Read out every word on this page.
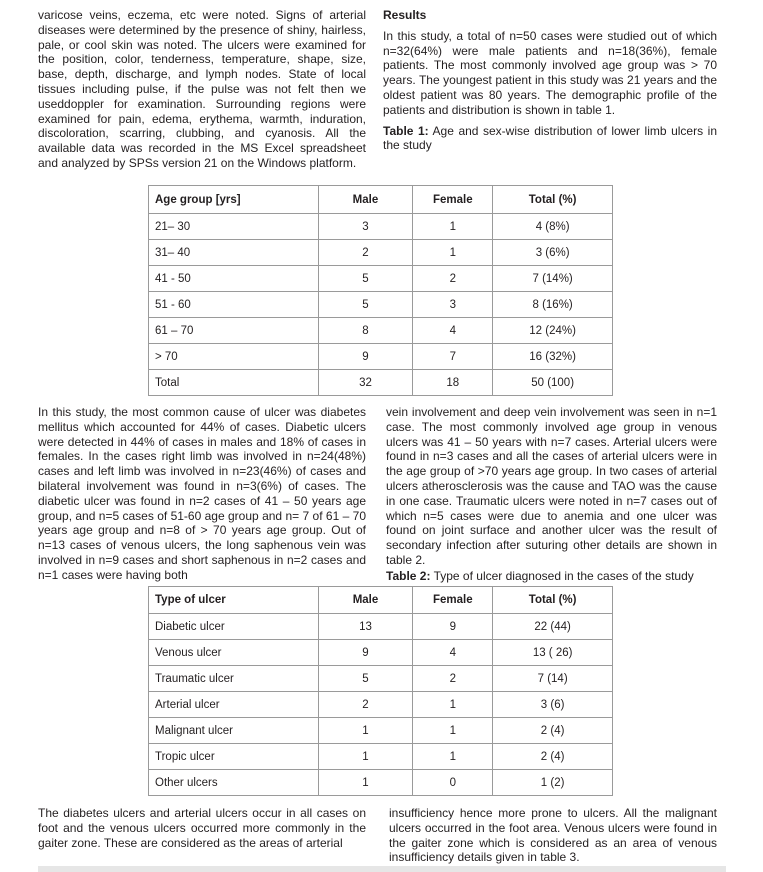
varicose veins, eczema, etc were noted. Signs of arterial diseases were determined by the presence of shiny, hairless, pale, or cool skin was noted. The ulcers were examined for the position, color, tenderness, temperature, shape, size, base, depth, discharge, and lymph nodes. State of local tissues including pulse, if the pulse was not felt then we useddoppler for examination. Surrounding regions were examined for pain, edema, erythema, warmth, induration, discoloration, scarring, clubbing, and cyanosis. All the available data was recorded in the MS Excel spreadsheet and analyzed by SPSs version 21 on the Windows platform.

Results

In this study, a total of n=50 cases were studied out of which n=32(64%) were male patients and n=18(36%), female patients. The most commonly involved age group was > 70 years. The youngest patient in this study was 21 years and the oldest patient was 80 years. The demographic profile of the patients and distribution is shown in table 1.

Table 1: Age and sex-wise distribution of lower limb ulcers in the study

Age group [yrs]	Male	Female	Total (%)
21– 30	3	1	4 (8%)
31– 40	2	1	3 (6%)
41 - 50	5	2	7 (14%)
51 - 60	5	3	8 (16%)
61 – 70	8	4	12 (24%)
> 70	9	7	16 (32%)
Total	32	18	50 (100)

In this study, the most common cause of ulcer was diabetes mellitus which accounted for 44% of cases. Diabetic ulcers were detected in 44% of cases in males and 18% of cases in females. In the cases right limb was involved in n=24(48%) cases and left limb was involved in n=23(46%) of cases and bilateral involvement was found in n=3(6%) of cases. The diabetic ulcer was found in n=2 cases of 41 – 50 years age group, and n=5 cases of 51-60 age group and n= 7 of 61 – 70 years age group and n=8 of > 70 years age group. Out of n=13 cases of venous ulcers, the long saphenous vein was involved in n=9 cases and short saphenous in n=2 cases and n=1 cases were having both

vein involvement and deep vein involvement was seen in n=1 case. The most commonly involved age group in venous ulcers was 41 – 50 years with n=7 cases. Arterial ulcers were found in n=3 cases and all the cases of arterial ulcers were in the age group of >70 years age group. In two cases of arterial ulcers atherosclerosis was the cause and TAO was the cause in one case. Traumatic ulcers were noted in n=7 cases out of which n=5 cases were due to anemia and one ulcer was found on joint surface and another ulcer was the result of secondary infection after suturing other details are shown in table 2.

Table 2: Type of ulcer diagnosed in the cases of the study

Type of ulcer	Male	Female	Total (%)
Diabetic ulcer	13	9	22 (44)
Venous ulcer	9	4	13 ( 26)
Traumatic ulcer	5	2	7 (14)
Arterial ulcer	2	1	3 (6)
Malignant ulcer	1	1	2 (4)
Tropic ulcer	1	1	2 (4)
Other ulcers	1	0	1 (2)

The diabetes ulcers and arterial ulcers occur in all cases on foot and the venous ulcers occurred more commonly in the gaiter zone. These are considered as the areas of arterial

insufficiency hence more prone to ulcers. All the malignant ulcers occurred in the foot area. Venous ulcers were found in the gaiter zone which is considered as an area of venous insufficiency details given in table 3.
